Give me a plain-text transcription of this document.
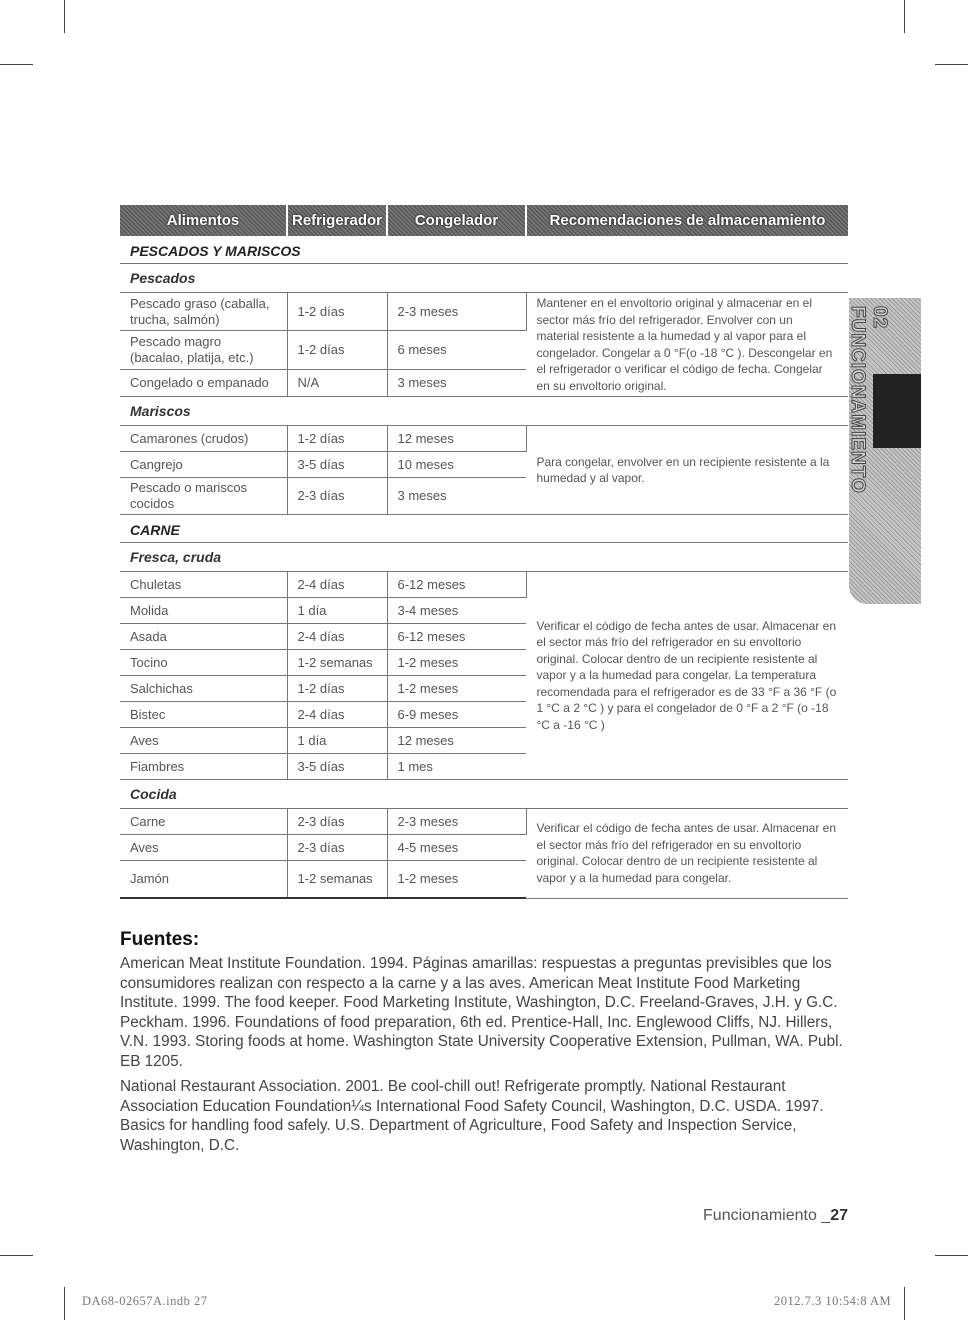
Alimentos	Refrigerador	Congelador	Recomendaciones de almacenamiento
PESCADOS Y MARISCOS			
Pescados			
Pescado graso (caballa, trucha, salmón)	1-2 días	2-3 meses	Mantener en el envoltorio original y almacenar en el sector más frío del refrigerador. Envolver con un material resistente a la humedad y al vapor para el congelador. Congelar a 0 °F(o -18 °C ). Descongelar en el refrigerador o verificar el código de fecha. Congelar en su envoltorio original.
Pescado magro (bacalao, platija, etc.)	1-2 días	6 meses	
Congelado o empanado	N/A	3 meses	
Mariscos			
Camarones (crudos)	1-2 días	12 meses	Para congelar, envolver en un recipiente resistente a la humedad y al vapor.
Cangrejo	3-5 días	10 meses	
Pescado o mariscos cocidos	2-3 días	3 meses	
CARNE			
Fresca, cruda			
Chuletas	2-4 días	6-12 meses	Verificar el código de fecha antes de usar. Almacenar en el sector más frío del refrigerador en su envoltorio original. Colocar dentro de un recipiente resistente al vapor y a la humedad para congelar. La temperatura recomendada para el refrigerador es de 33 °F a 36 °F (o 1 °C a 2 °C ) y para el congelador de 0 °F a 2 °F (o -18 °C a -16 °C )
Molida	1 día	3-4 meses	
Asada	2-4 días	6-12 meses	
Tocino	1-2 semanas	1-2 meses	
Salchichas	1-2 días	1-2 meses	
Bistec	2-4 días	6-9 meses	
Aves	1 día	12 meses	
Fiambres	3-5 días	1 mes	
Cocida			
Carne	2-3 días	2-3 meses	Verificar el código de fecha antes de usar. Almacenar en el sector más frío del refrigerador en su envoltorio original. Colocar dentro de un recipiente resistente al vapor y a la humedad para congelar.
Aves	2-3 días	4-5 meses	
Jamón	1-2 semanas	1-2 meses	
02 FUNCIONAMIENTO
Fuentes:

American Meat Institute Foundation. 1994. Páginas amarillas: respuestas a preguntas previsibles que los consumidores realizan con respecto a la carne y a las aves. American Meat Institute Food Marketing Institute. 1999. The food keeper. Food Marketing Institute, Washington, D.C. Freeland-Graves, J.H. y G.C. Peckham. 1996. Foundations of food preparation, 6th ed. Prentice-Hall, Inc. Englewood Cliffs, NJ. Hillers, V.N. 1993. Storing foods at home. Washington State University Cooperative Extension, Pullman, WA. Publ. EB 1205.

National Restaurant Association. 2001. Be cool-chill out! Refrigerate promptly. National Restaurant Association Education Foundation¼s International Food Safety Council, Washington, D.C. USDA. 1997. Basics for handling food safely. U.S. Department of Agriculture, Food Safety and Inspection Service, Washington, D.C.

Funcionamiento _27
DA68-02657A.indb 27	2012.7.3 10:54:8 AM
